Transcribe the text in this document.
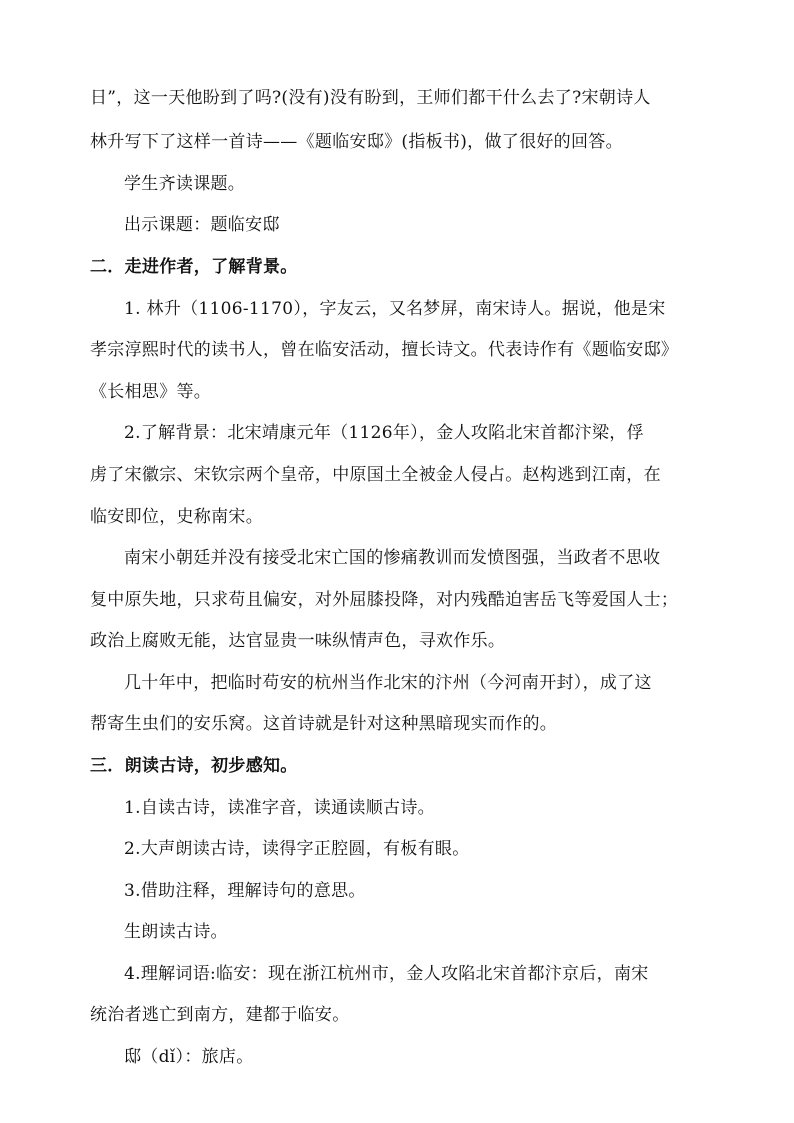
日”，这一天他盼到了吗?(没有)没有盼到，王师们都干什么去了?宋朝诗人
林升写下了这样一首诗——《题临安邸》(指板书)，做了很好的回答。
学生齐读课题。
出示课题：题临安邸
二．走进作者，了解背景。
1. 林升（1106-1170），字友云，又名梦屏，南宋诗人。据说，他是宋
孝宗淳熙时代的读书人，曾在临安活动，擅长诗文。代表诗作有《题临安邸》
《长相思》等。
2.了解背景：北宋靖康元年（1126年），金人攻陷北宋首都汴梁，俘
虏了宋徽宗、宋钦宗两个皇帝，中原国土全被金人侵占。赵构逃到江南，在
临安即位，史称南宋。
南宋小朝廷并没有接受北宋亡国的惨痛教训而发愤图强，当政者不思收
复中原失地，只求苟且偏安，对外屈膝投降，对内残酷迫害岳飞等爱国人士；
政治上腐败无能，达官显贵一味纵情声色，寻欢作乐。
几十年中，把临时苟安的杭州当作北宋的汴州（今河南开封），成了这
帮寄生虫们的安乐窝。这首诗就是针对这种黑暗现实而作的。
三．朗读古诗，初步感知。
1.自读古诗，读准字音，读通读顺古诗。
2.大声朗读古诗，读得字正腔圆，有板有眼。
3.借助注释，理解诗句的意思。
生朗读古诗。
4.理解词语:临安：现在浙江杭州市，金人攻陷北宋首都汴京后，南宋
统治者逃亡到南方，建都于临安。
邸（dǐ）：旅店。
